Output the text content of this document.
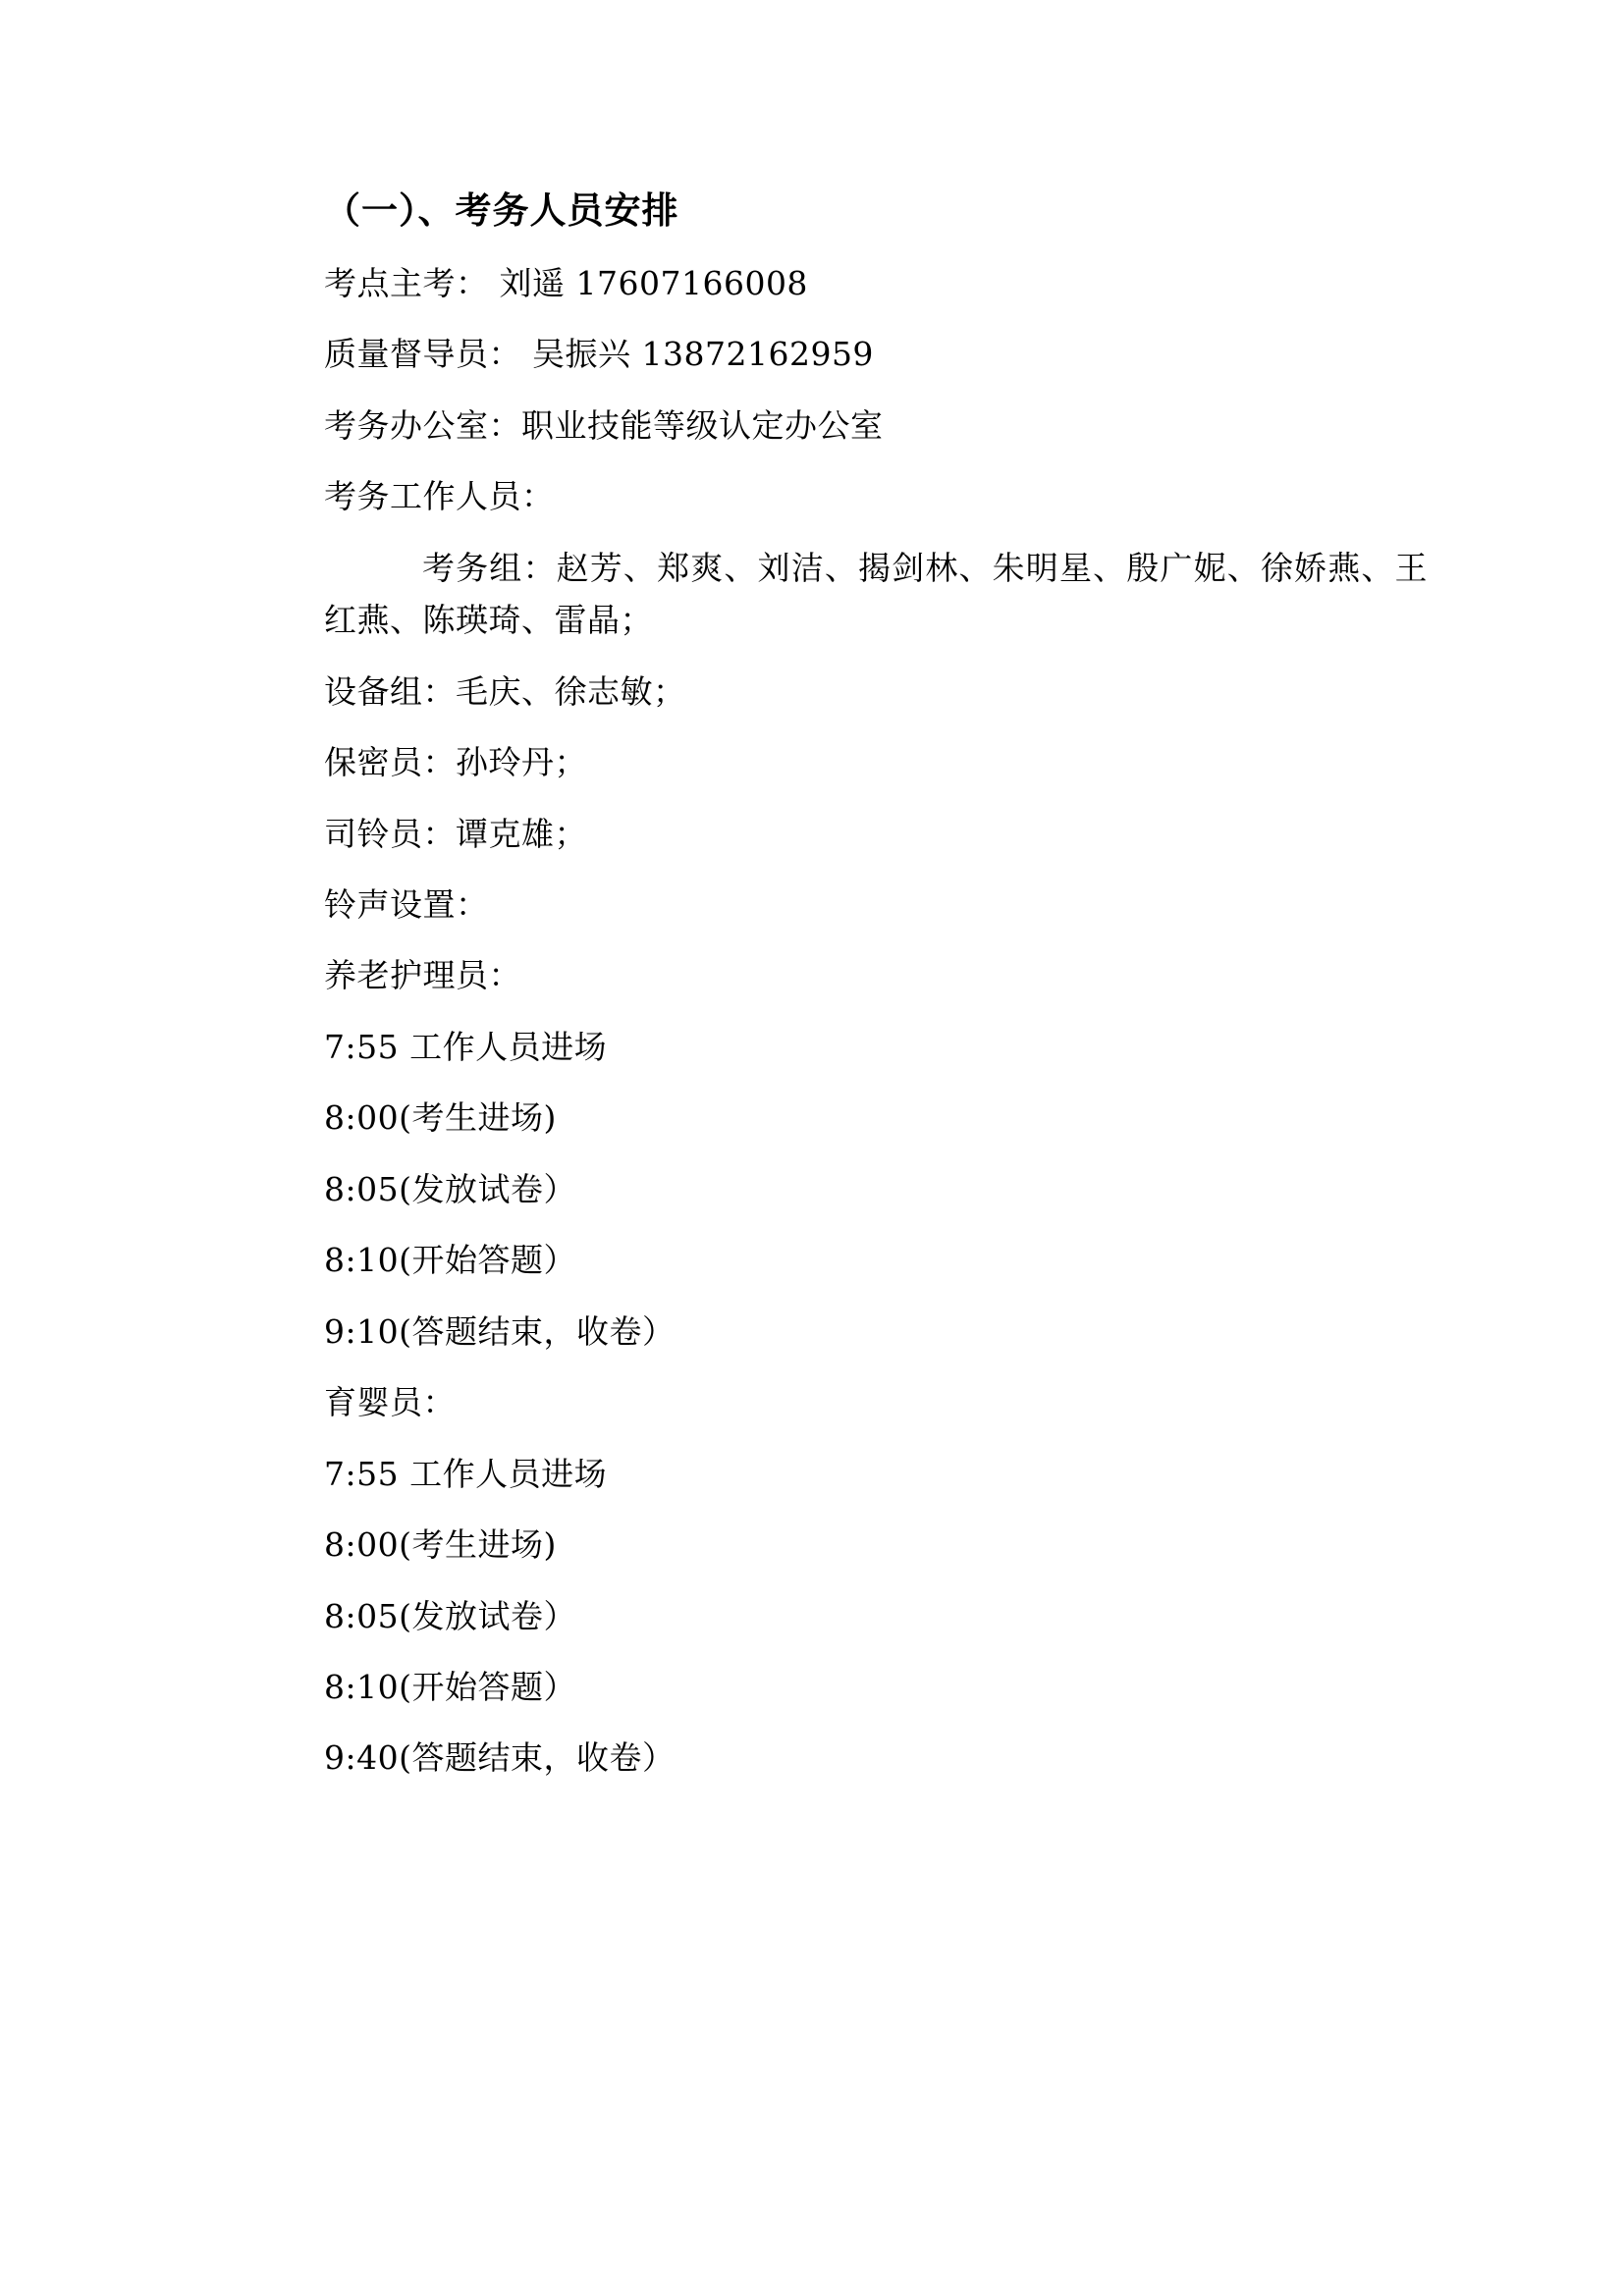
（一）、考务人员安排

考点主考： 刘遥 17607166008

质量督导员： 吴振兴 13872162959

考务办公室：职业技能等级认定办公室

考务工作人员：

考务组：赵芳、郑爽、刘洁、揭剑林、朱明星、殷广妮、徐娇燕、王红燕、陈瑛琦、雷晶；

设备组：毛庆、徐志敏；

保密员：孙玲丹；

司铃员：谭克雄；

铃声设置：

养老护理员：

7:55 工作人员进场

8:00(考生进场)

8:05(发放试卷）

8:10(开始答题）

9:10(答题结束，收卷）

育婴员：

7:55 工作人员进场

8:00(考生进场)

8:05(发放试卷）

8:10(开始答题）

9:40(答题结束，收卷）
